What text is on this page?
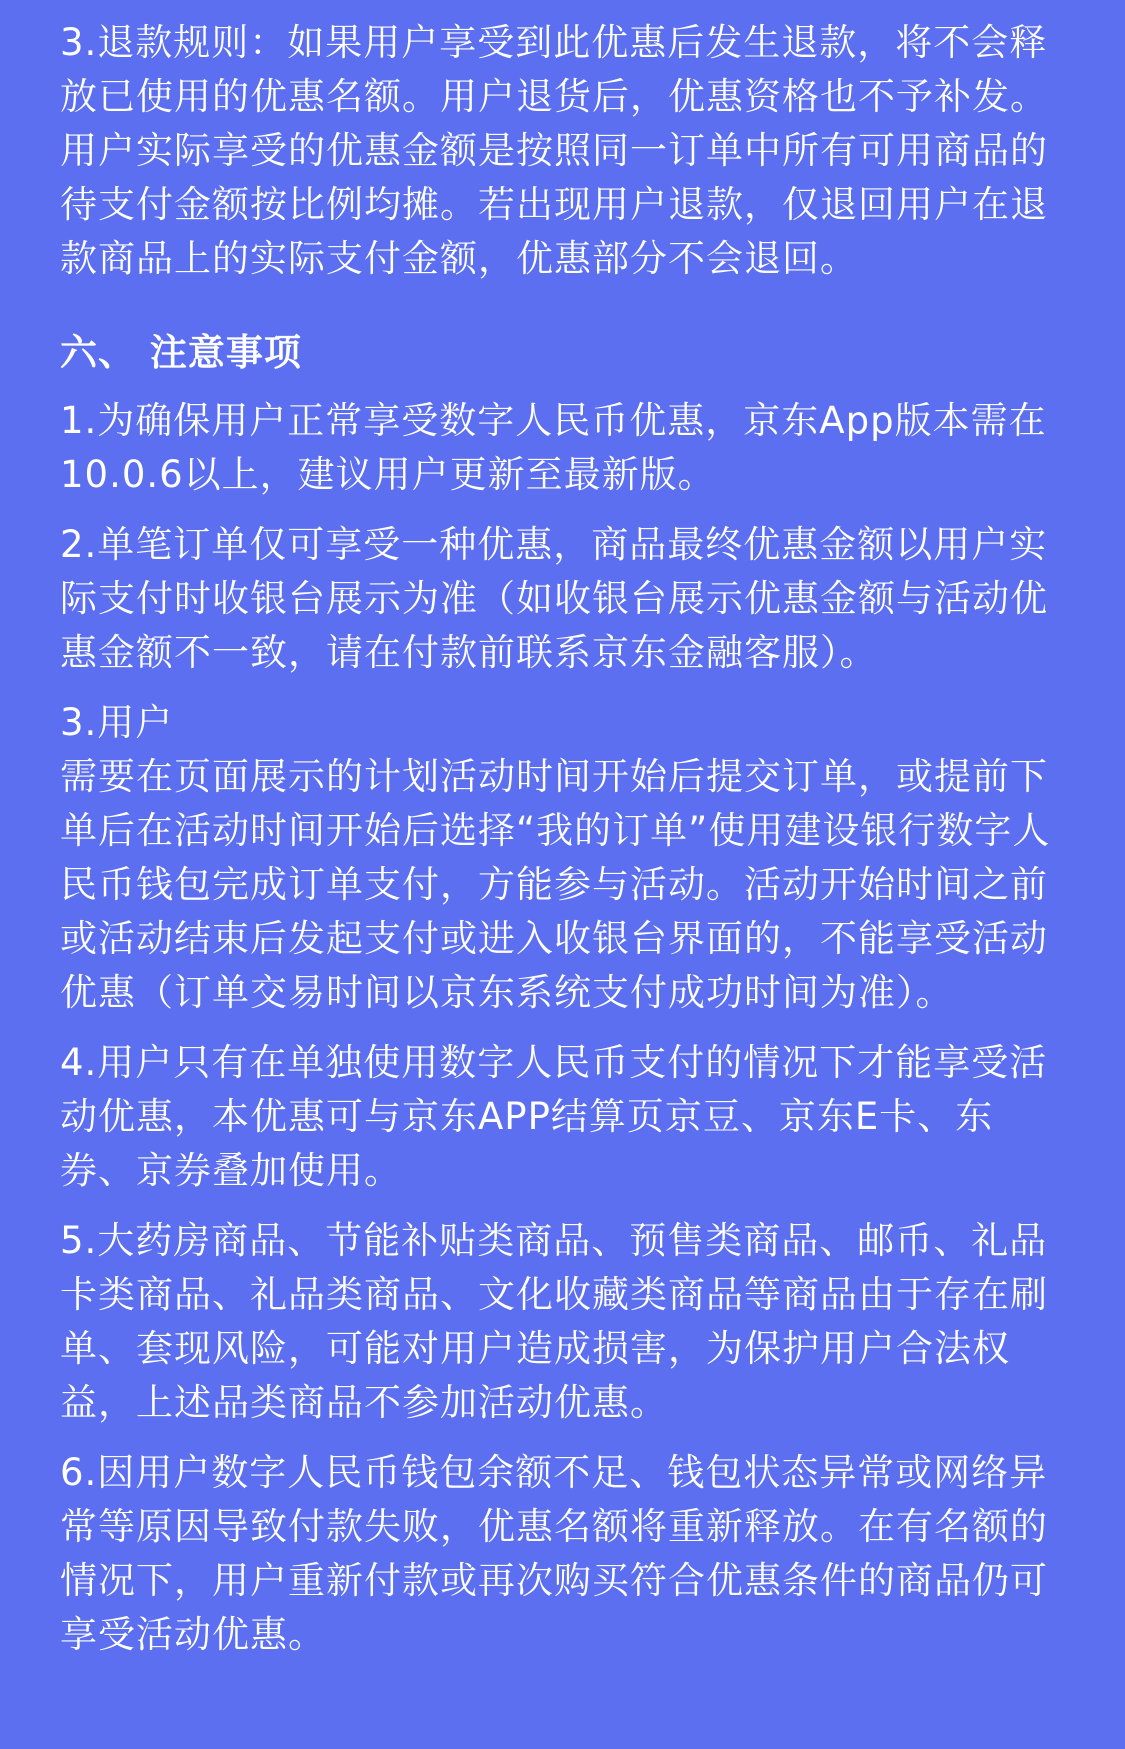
3.退款规则：如果用户享受到此优惠后发生退款，将不会释放已使用的优惠名额。用户退货后，优惠资格也不予补发。用户实际享受的优惠金额是按照同一订单中所有可用商品的待支付金额按比例均摊。若出现用户退款，仅退回用户在退款商品上的实际支付金额，优惠部分不会退回。

六、 注意事项

1.为确保用户正常享受数字人民币优惠，京东App版本需在10.0.6以上，建议用户更新至最新版。

2.单笔订单仅可享受一种优惠，商品最终优惠金额以用户实际支付时收银台展示为准（如收银台展示优惠金额与活动优惠金额不一致，请在付款前联系京东金融客服）。

3.用户
需要在页面展示的计划活动时间开始后提交订单，或提前下单后在活动时间开始后选择“我的订单”使用建设银行数字人民币钱包完成订单支付，方能参与活动。活动开始时间之前或活动结束后发起支付或进入收银台界面的，不能享受活动优惠（订单交易时间以京东系统支付成功时间为准）。

4.用户只有在单独使用数字人民币支付的情况下才能享受活动优惠，本优惠可与京东APP结算页京豆、京东E卡、东券、京券叠加使用。

5.大药房商品、节能补贴类商品、预售类商品、邮币、礼品卡类商品、礼品类商品、文化收藏类商品等商品由于存在刷单、套现风险，可能对用户造成损害，为保护用户合法权益，上述品类商品不参加活动优惠。

6.因用户数字人民币钱包余额不足、钱包状态异常或网络异常等原因导致付款失败，优惠名额将重新释放。在有名额的情况下，用户重新付款或再次购买符合优惠条件的商品仍可享受活动优惠。
